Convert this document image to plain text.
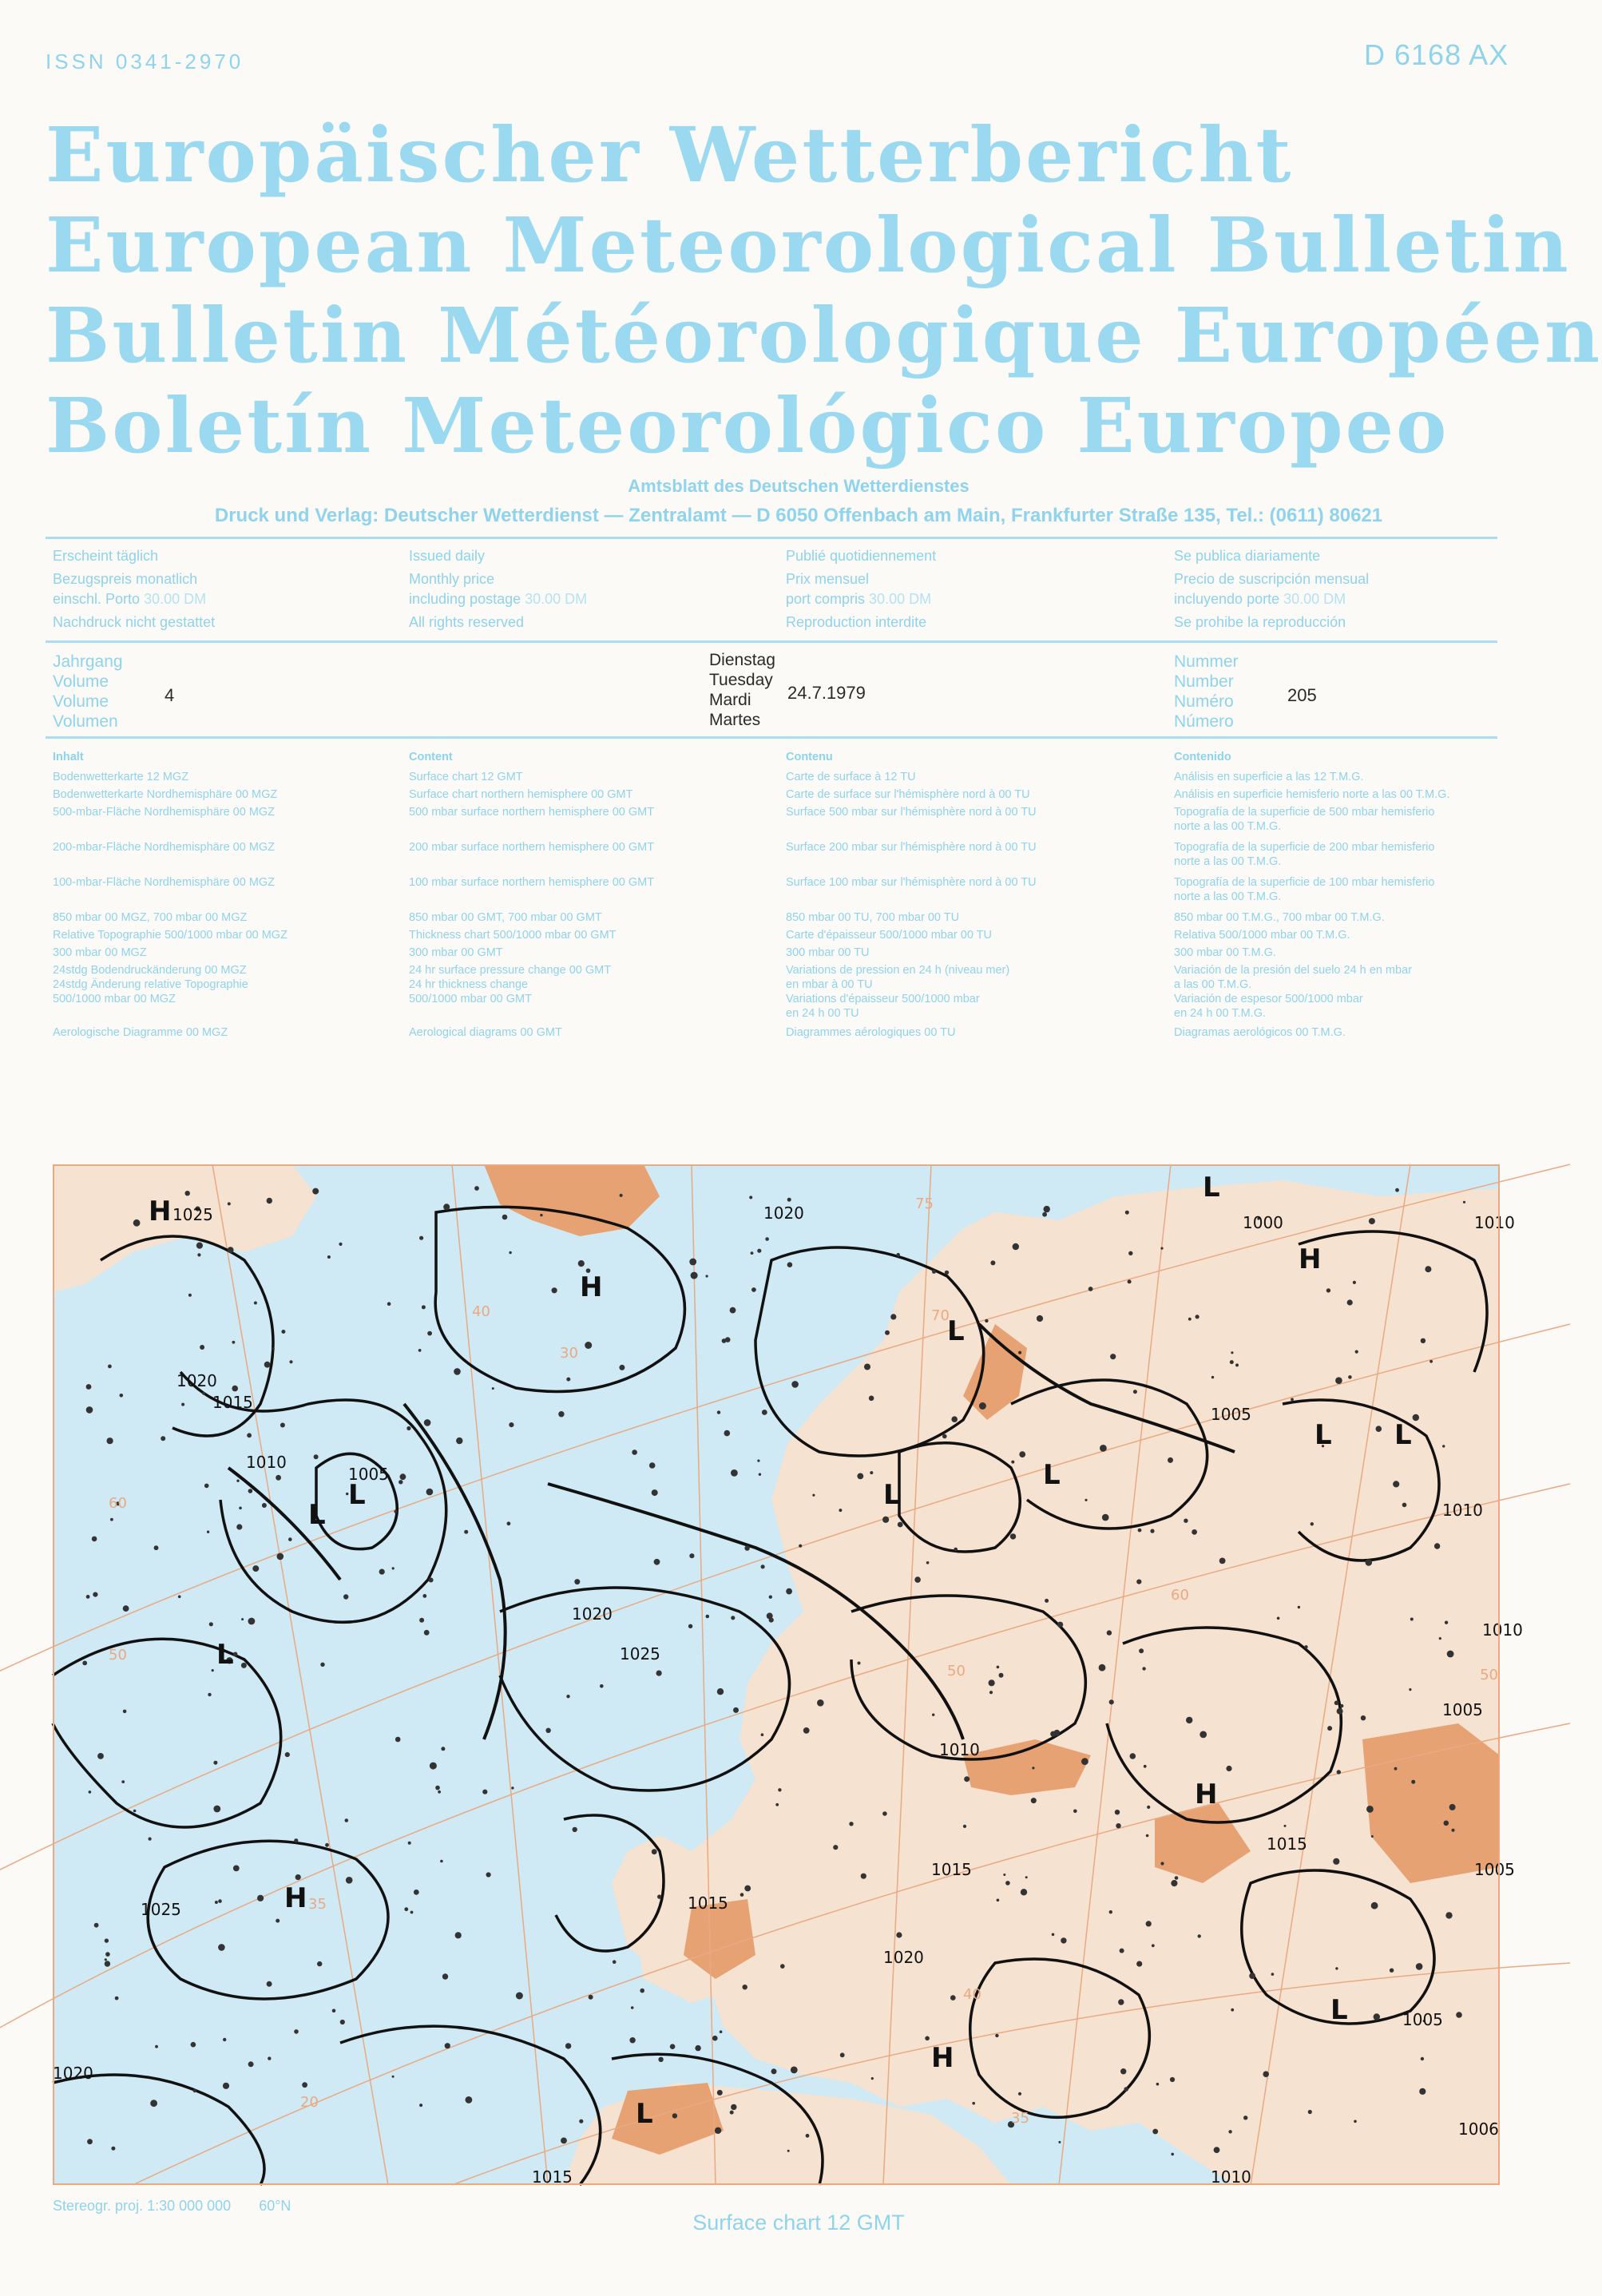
ISSN 0341-2970	D 6168 AX
Europäischer Wetterbericht
European Meteorological Bulletin
Bulletin Météorologique Européen
Boletín Meteorológico Europeo
Amtsblatt des Deutschen Wetterdienstes
Druck und Verlag: Deutscher Wetterdienst — Zentralamt — D 6050 Offenbach am Main, Frankfurter Straße 135, Tel.: (0611) 80621
Erscheint täglich
Bezugspreis monatlich
einschl. Porto 30.00 DM
Nachdruck nicht gestattet
Issued daily
Monthly price
including postage 30.00 DM
All rights reserved
Publié quotidiennement
Prix mensuel
port compris 30.00 DM
Reproduction interdite
Se publica diariamente
Precio de suscripción mensual
incluyendo porte 30.00 DM
Se prohibe la reproducción
Jahrgang
Volume
Volume
Volumen
4
Dienstag
Tuesday
Mardi
Martes
24.7.1979
Nummer
Number
Numéro
Número
205
Inhalt
Bodenwetterkarte 12 MGZ
Bodenwetterkarte Nordhemisphäre 00 MGZ
500-mbar-Fläche Nordhemisphäre 00 MGZ
200-mbar-Fläche Nordhemisphäre 00 MGZ
100-mbar-Fläche Nordhemisphäre 00 MGZ
850 mbar 00 MGZ, 700 mbar 00 MGZ
Relative Topographie 500/1000 mbar 00 MGZ
300 mbar 00 MGZ
24stdg Bodendruckänderung 00 MGZ
24stdg Änderung relative Topographie
500/1000 mbar 00 MGZ
Aerologische Diagramme 00 MGZ
Content
Surface chart 12 GMT
Surface chart northern hemisphere 00 GMT
500 mbar surface northern hemisphere 00 GMT
200 mbar surface northern hemisphere 00 GMT
100 mbar surface northern hemisphere 00 GMT
850 mbar 00 GMT, 700 mbar 00 GMT
Thickness chart 500/1000 mbar 00 GMT
300 mbar 00 GMT
24 hr surface pressure change 00 GMT
24 hr thickness change
500/1000 mbar 00 GMT
Aerological diagrams 00 GMT
Contenu
Carte de surface à 12 TU
Carte de surface sur l'hémisphère nord à 00 TU
Surface 500 mbar sur l'hémisphère nord à 00 TU
Surface 200 mbar sur l'hémisphère nord à 00 TU
Surface 100 mbar sur l'hémisphère nord à 00 TU
850 mbar 00 TU, 700 mbar 00 TU
Carte d'épaisseur 500/1000 mbar 00 TU
300 mbar 00 TU
Variations de pression en 24 h (niveau mer)
en mbar à 00 TU
Variations d'épaisseur 500/1000 mbar
en 24 h 00 TU
Diagrammes aérologiques 00 TU
Contenido
Análisis en superficie a las 12 T.M.G.
Análisis en superficie hemisferio norte a las 00 T.M.G.
Topografía de la superficie de 500 mbar hemisferio
norte a las 00 T.M.G.
Topografía de la superficie de 200 mbar hemisferio
norte a las 00 T.M.G.
Topografía de la superficie de 100 mbar hemisferio
norte a las 00 T.M.G.
850 mbar 00 T.M.G., 700 mbar 00 T.M.G.
Relativa 500/1000 mbar 00 T.M.G.
300 mbar 00 T.M.G.
Variación de la presión del suelo 24 h en mbar
a las 00 T.M.G.
Variación de espesor 500/1000 mbar
en 24 h 00 T.M.G.
Diagramas aerológicos 00 T.M.G.
H
H
H
L
L
L
L
L
L
H
H
L
L
L
L
H
L
1025
1020
1015
1010
1005
1000
1025
1020
1015
1010
1005
1020
1015
1010
1005
1025
1020
1015
1010
1005
1010
1020
1015
1005
1010
1006
40
30
35
20
60
50
50
75
70
60
40
50
35
Stereogr. proj. 1:30 000 000 60°N
Surface chart 12 GMT
